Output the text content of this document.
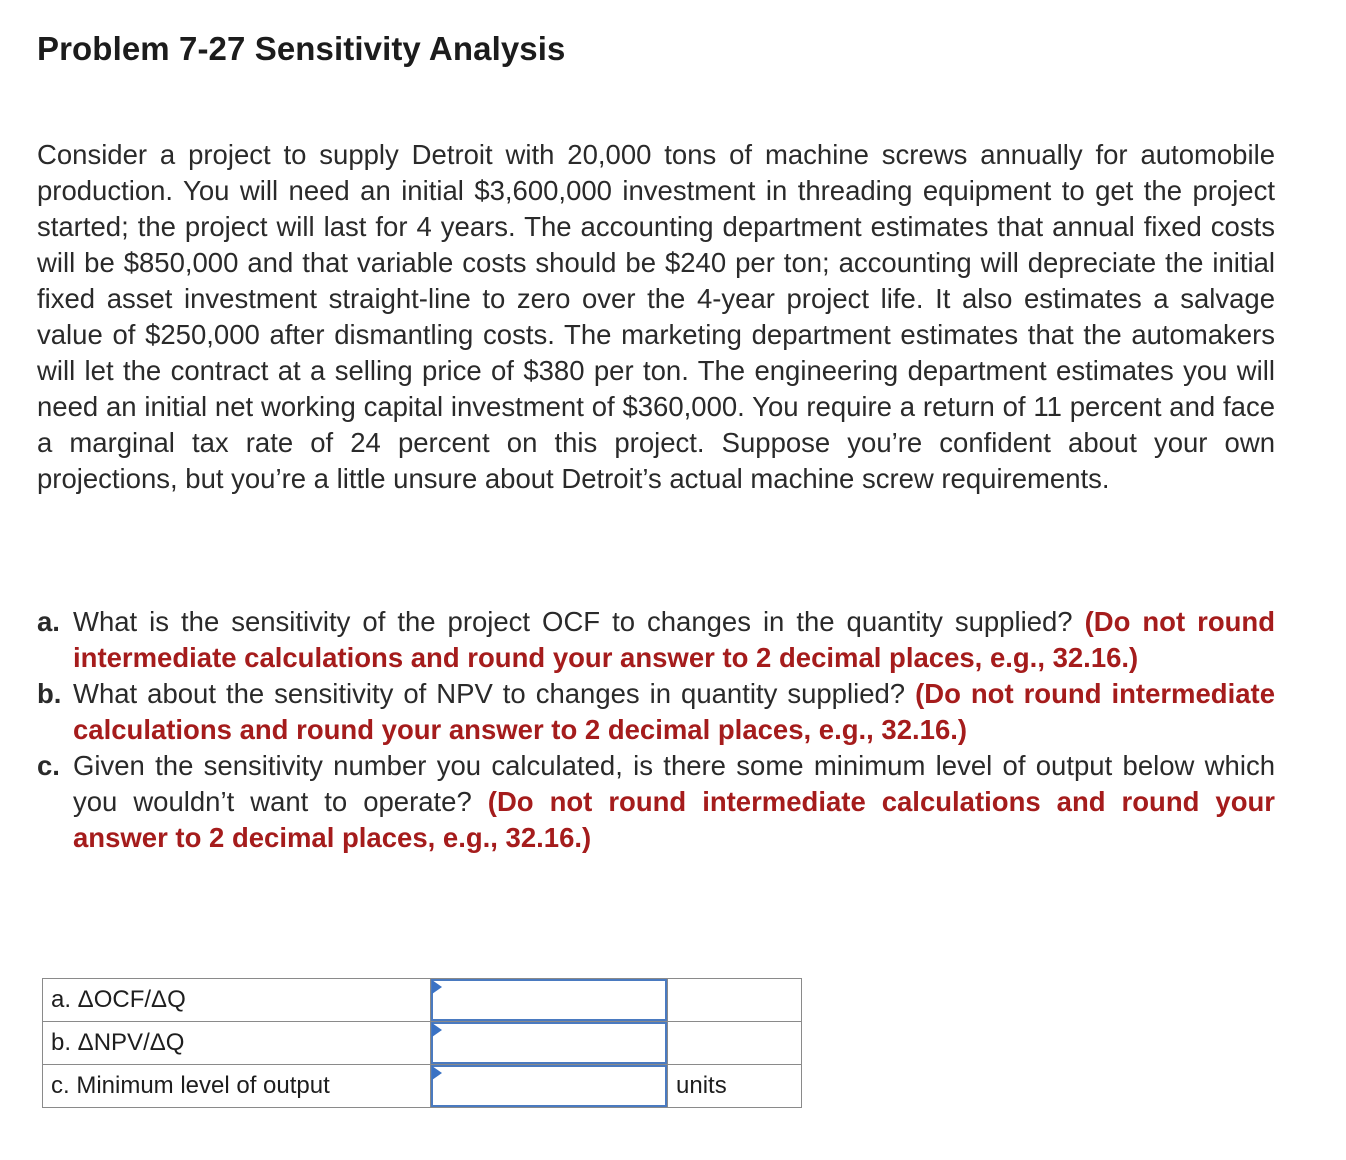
Problem 7-27 Sensitivity Analysis

Consider a project to supply Detroit with 20,000 tons of machine screws annually for automobile production. You will need an initial $3,600,000 investment in threading equipment to get the project started; the project will last for 4 years. The accounting department estimates that annual fixed costs will be $850,000 and that variable costs should be $240 per ton; accounting will depreciate the initial fixed asset investment straight-line to zero over the 4-year project life. It also estimates a salvage value of $250,000 after dismantling costs. The marketing department estimates that the automakers will let the contract at a selling price of $380 per ton. The engineering department estimates you will need an initial net working capital investment of $360,000. You require a return of 11 percent and face a marginal tax rate of 24 percent on this project. Suppose you’re confident about your own projections, but you’re a little unsure about Detroit’s actual machine screw requirements.

a. What is the sensitivity of the project OCF to changes in the quantity supplied? (Do not round intermediate calculations and round your answer to 2 decimal places, e.g., 32.16.)
b. What about the sensitivity of NPV to changes in quantity supplied? (Do not round intermediate calculations and round your answer to 2 decimal places, e.g., 32.16.)
c. Given the sensitivity number you calculated, is there some minimum level of output below which you wouldn’t want to operate? (Do not round intermediate calculations and round your answer to 2 decimal places, e.g., 32.16.)
a. ΔOCF/ΔQ	

b. ΔNPV/ΔQ	

c. Minimum level of output		units
